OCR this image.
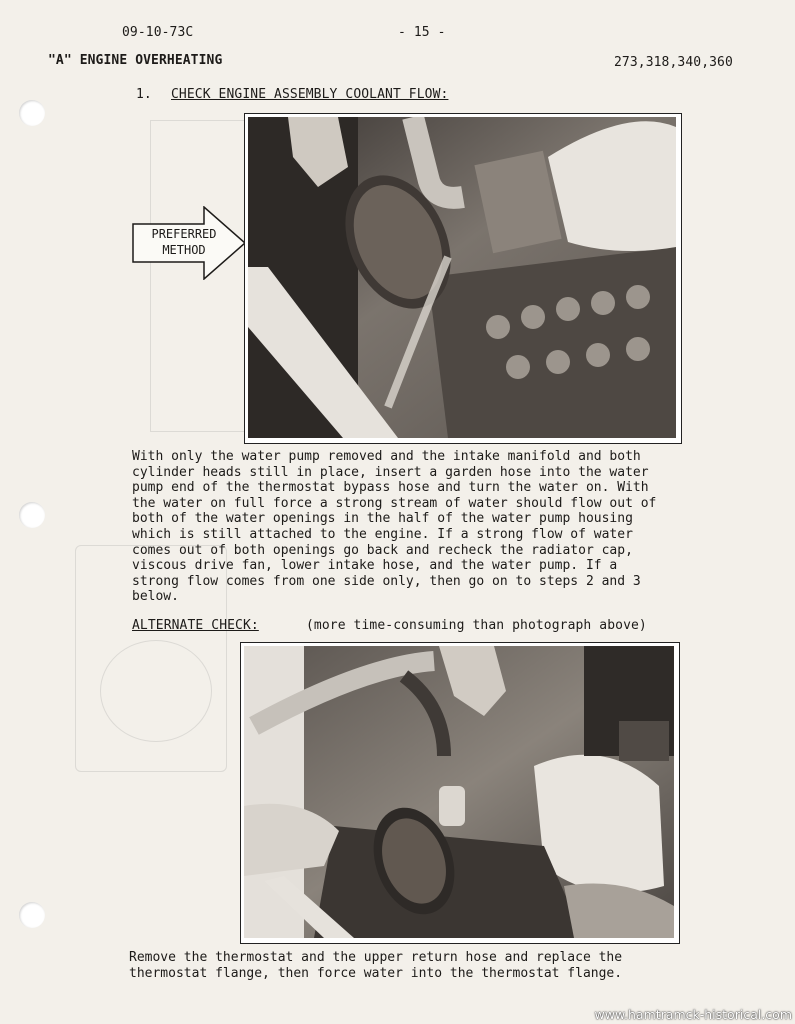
09-10-73C	- 15 -
"A" ENGINE OVERHEATING	273,318,340,360
1. CHECK ENGINE ASSEMBLY COOLANT FLOW:
PREFERRED
METHOD
With only the water pump removed and the intake manifold and both
cylinder heads still in place, insert a garden hose into the water
pump end of the thermostat bypass hose and turn the water on. With
the water on full force a strong stream of water should flow out of
both of the water openings in the half of the water pump housing
which is still attached to the engine. If a strong flow of water
comes out of both openings go back and recheck the radiator cap,
viscous drive fan, lower intake hose, and the water pump. If a
strong flow comes from one side only, then go on to steps 2 and 3
below.
ALTERNATE CHECK:	(more time-consuming than photograph above)
Remove the thermostat and the upper return hose and replace the
thermostat flange, then force water into the thermostat flange.
www.hamtramck-historical.com
